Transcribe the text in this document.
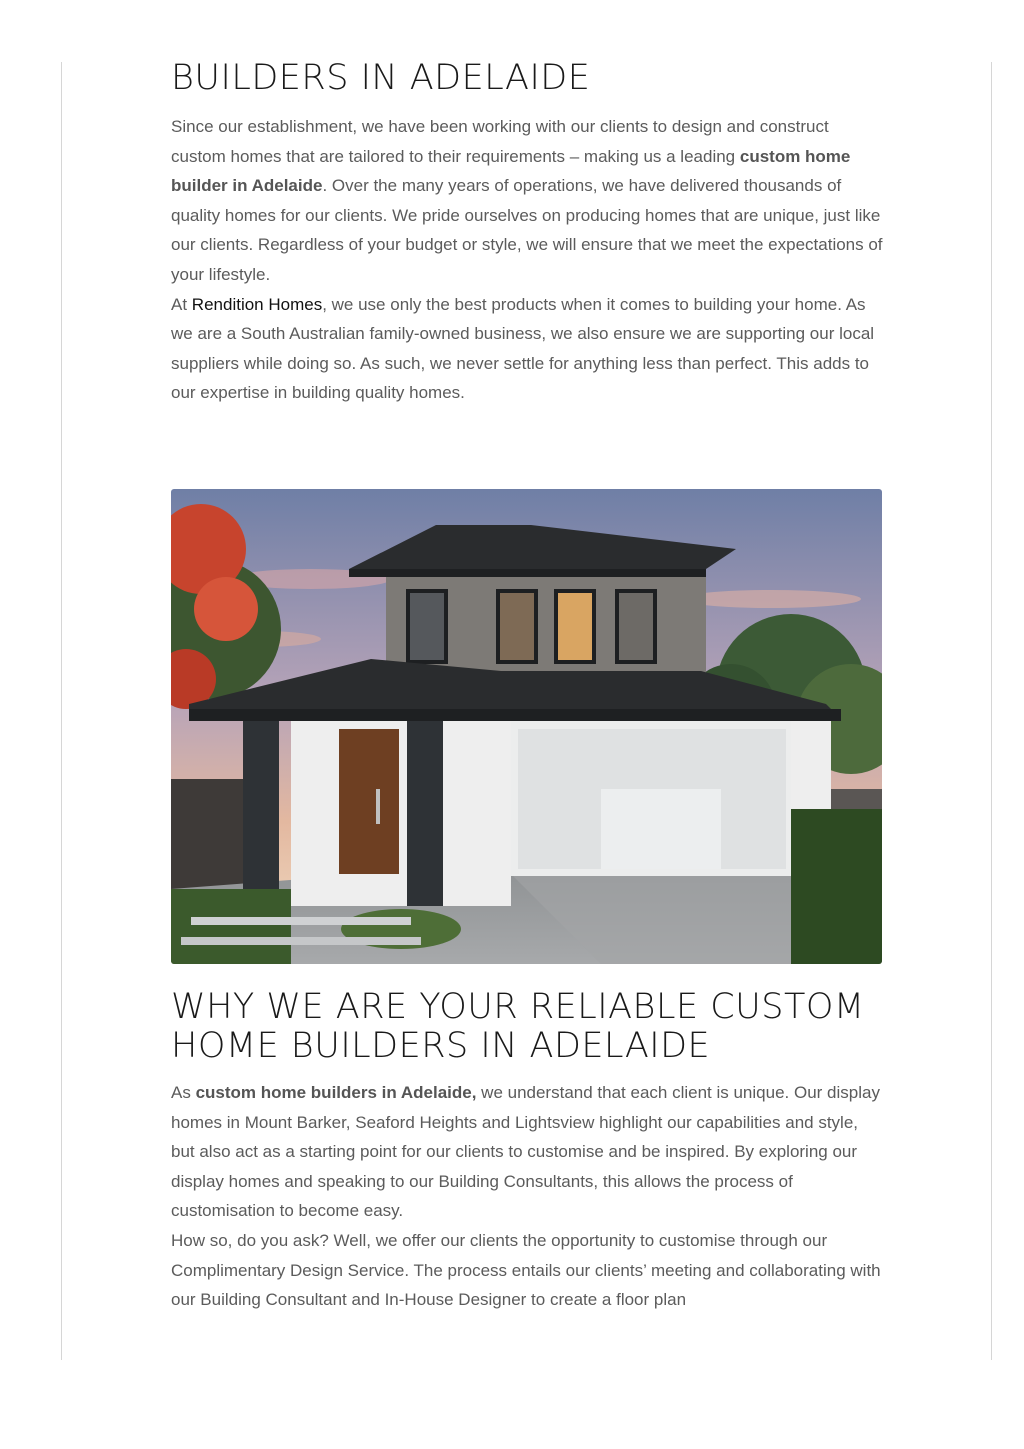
BUILDERS IN ADELAIDE

Since our establishment, we have been working with our clients to design and construct custom homes that are tailored to their requirements – making us a leading custom home builder in Adelaide. Over the many years of operations, we have delivered thousands of quality homes for our clients. We pride ourselves on producing homes that are unique, just like our clients. Regardless of your budget or style, we will ensure that we meet the expectations of your lifestyle.

At Rendition Homes, we use only the best products when it comes to building your home. As we are a South Australian family-owned business, we also ensure we are supporting our local suppliers while doing so. As such, we never settle for anything less than perfect. This adds to our expertise in building quality homes.

WHY WE ARE YOUR RELIABLE CUSTOM HOME BUILDERS IN ADELAIDE

As custom home builders in Adelaide, we understand that each client is unique. Our display homes in Mount Barker, Seaford Heights and Lightsview highlight our capabilities and style, but also act as a starting point for our clients to customise and be inspired. By exploring our display homes and speaking to our Building Consultants, this allows the process of customisation to become easy.

How so, do you ask? Well, we offer our clients the opportunity to customise through our Complimentary Design Service. The process entails our clients’ meeting and collaborating with our Building Consultant and In-House Designer to create a floor plan
